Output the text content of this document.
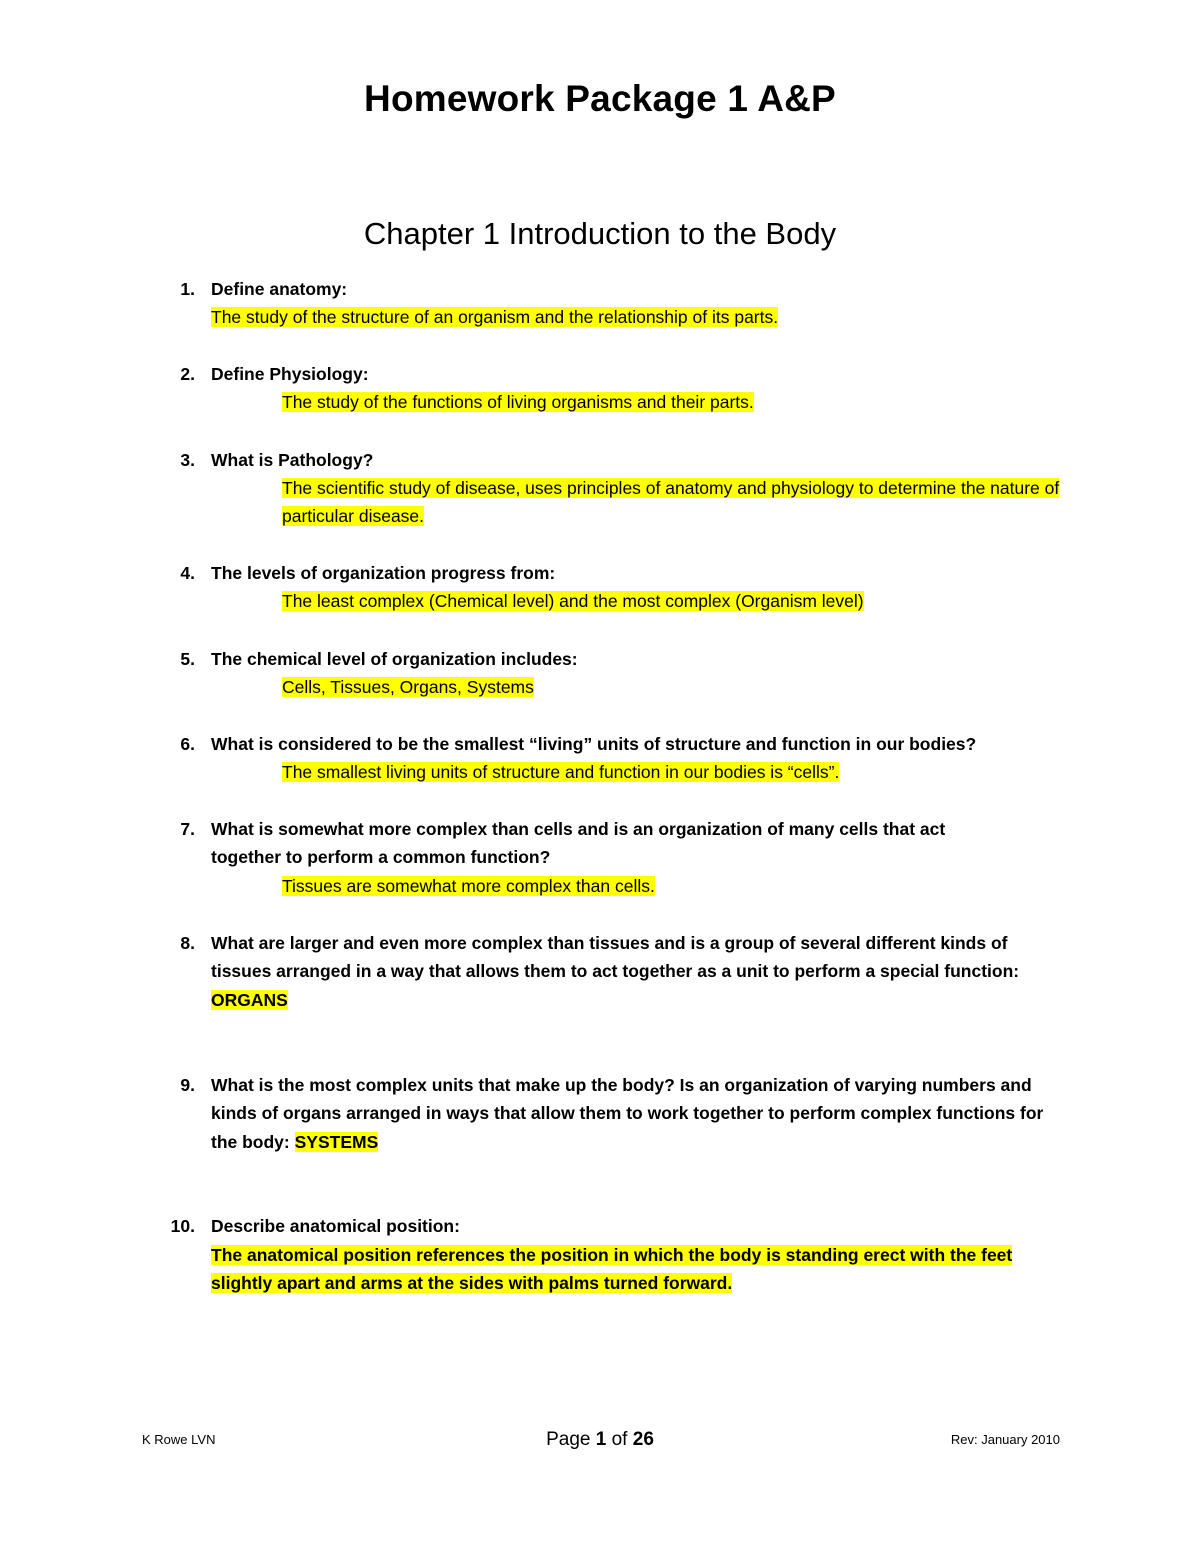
Homework Package 1 A&P
Chapter 1 Introduction to the Body
1. Define anatomy:
The study of the structure of an organism and the relationship of its parts.
2. Define Physiology:
The study of the functions of living organisms and their parts.
3. What is Pathology?
The scientific study of disease, uses principles of anatomy and physiology to determine the nature of particular disease.
4. The levels of organization progress from:
The least complex (Chemical level) and the most complex (Organism level)
5. The chemical level of organization includes:
Cells, Tissues, Organs, Systems
6. What is considered to be the smallest “living” units of structure and function in our bodies?
The smallest living units of structure and function in our bodies is “cells”.
7. What is somewhat more complex than cells and is an organization of many cells that act together to perform a common function?
Tissues are somewhat more complex than cells.
8. What are larger and even more complex than tissues and is a group of several different kinds of tissues arranged in a way that allows them to act together as a unit to perform a special function: ORGANS
9. What is the most complex units that make up the body? Is an organization of varying numbers and kinds of organs arranged in ways that allow them to work together to perform complex functions for the body: SYSTEMS
10. Describe anatomical position:
The anatomical position references the position in which the body is standing erect with the feet slightly apart and arms at the sides with palms turned forward.
K Rowe LVN	Page 1 of 26	Rev: January 2010
